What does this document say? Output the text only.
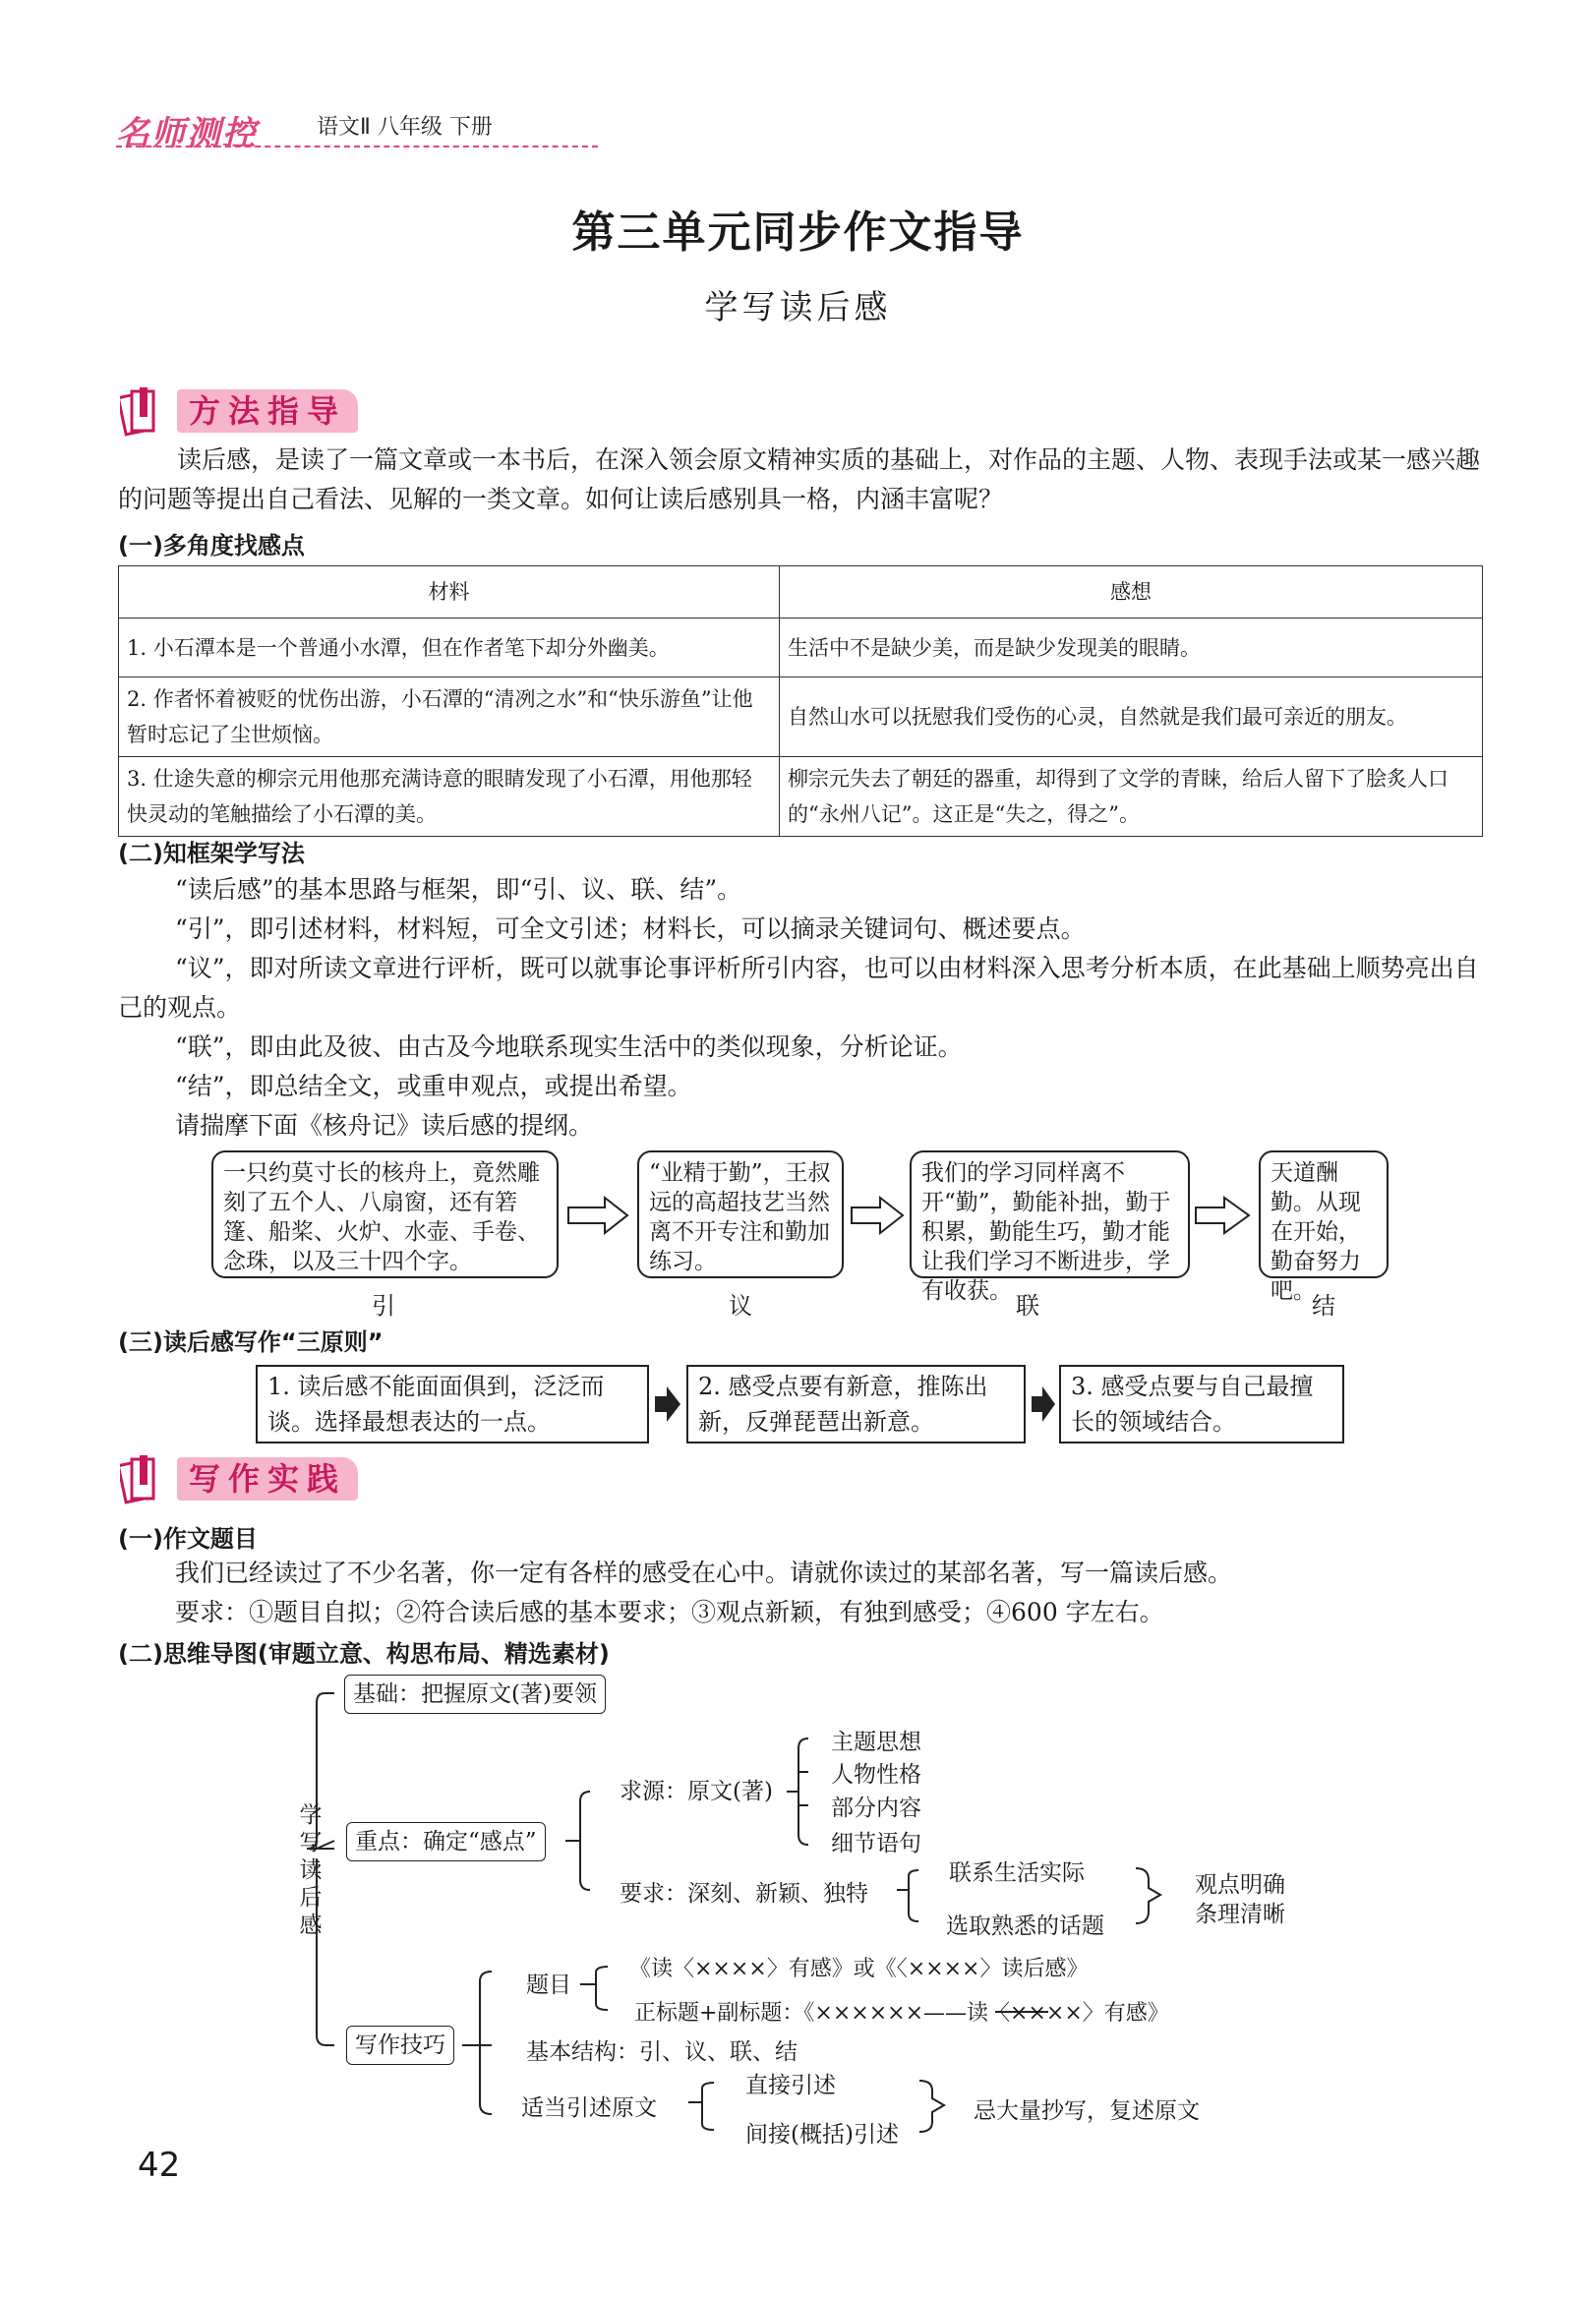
名师测控	语文Ⅱ 八年级 下册
第三单元同步作文指导
学写读后感
方法指导
读后感，是读了一篇文章或一本书后，在深入领会原文精神实质的基础上，对作品的主题、人物、表现手法或某一感兴趣的问题等提出自己看法、见解的一类文章。如何让读后感别具一格，内涵丰富呢？
(一)多角度找感点
材料	感想
1. 小石潭本是一个普通小水潭，但在作者笔下却分外幽美。	生活中不是缺少美，而是缺少发现美的眼睛。
2. 作者怀着被贬的忧伤出游，小石潭的“清冽之水”和“快乐游鱼”让他暂时忘记了尘世烦恼。	自然山水可以抚慰我们受伤的心灵，自然就是我们最可亲近的朋友。
3. 仕途失意的柳宗元用他那充满诗意的眼睛发现了小石潭，用他那轻快灵动的笔触描绘了小石潭的美。	柳宗元失去了朝廷的器重，却得到了文学的青睐，给后人留下了脍炙人口的“永州八记”。这正是“失之，得之”。
(二)知框架学写法
“读后感”的基本思路与框架，即“引、议、联、结”。
“引”，即引述材料，材料短，可全文引述；材料长，可以摘录关键词句、概述要点。
“议”，即对所读文章进行评析，既可以就事论事评析所引内容，也可以由材料深入思考分析本质，在此基础上顺势亮出自己的观点。
“联”，即由此及彼、由古及今地联系现实生活中的类似现象，分析论证。
“结”，即总结全文，或重申观点，或提出希望。
请揣摩下面《核舟记》读后感的提纲。
一只约莫寸长的核舟上，竟然雕刻了五个人、八扇窗，还有箬篷、船桨、火炉、水壶、手卷、念珠，以及三十四个字。
“业精于勤”，王叔远的高超技艺当然离不开专注和勤加练习。
我们的学习同样离不开“勤”，勤能补拙，勤于积累，勤能生巧，勤才能让我们学习不断进步，学有收获。
天道酬勤。从现在开始，勤奋努力吧。
引	议	联	结
(三)读后感写作“三原则”
1. 读后感不能面面俱到，泛泛而谈。选择最想表达的一点。
2. 感受点要有新意，推陈出新，反弹琵琶出新意。
3. 感受点要与自己最擅长的领域结合。
写作实践
(一)作文题目
我们已经读过了不少名著，你一定有各样的感受在心中。请就你读过的某部名著，写一篇读后感。
要求：①题目自拟；②符合读后感的基本要求；③观点新颖，有独到感受；④600 字左右。
(二)思维导图(审题立意、构思布局、精选素材)
学写读后感
基础：把握原文(著)要领
重点：确定“感点”
求源：原文(著)
主题思想
人物性格
部分内容
细节语句
要求：深刻、新颖、独特
联系生活实际
选取熟悉的话题
观点明确
条理清晰
写作技巧
题目
《读〈××××〉有感》或《〈××××〉读后感》
正标题+副标题：《××××××——读〈××××〉有感》
基本结构：引、议、联、结
适当引述原文
直接引述
间接(概括)引述
忌大量抄写，复述原文
42
